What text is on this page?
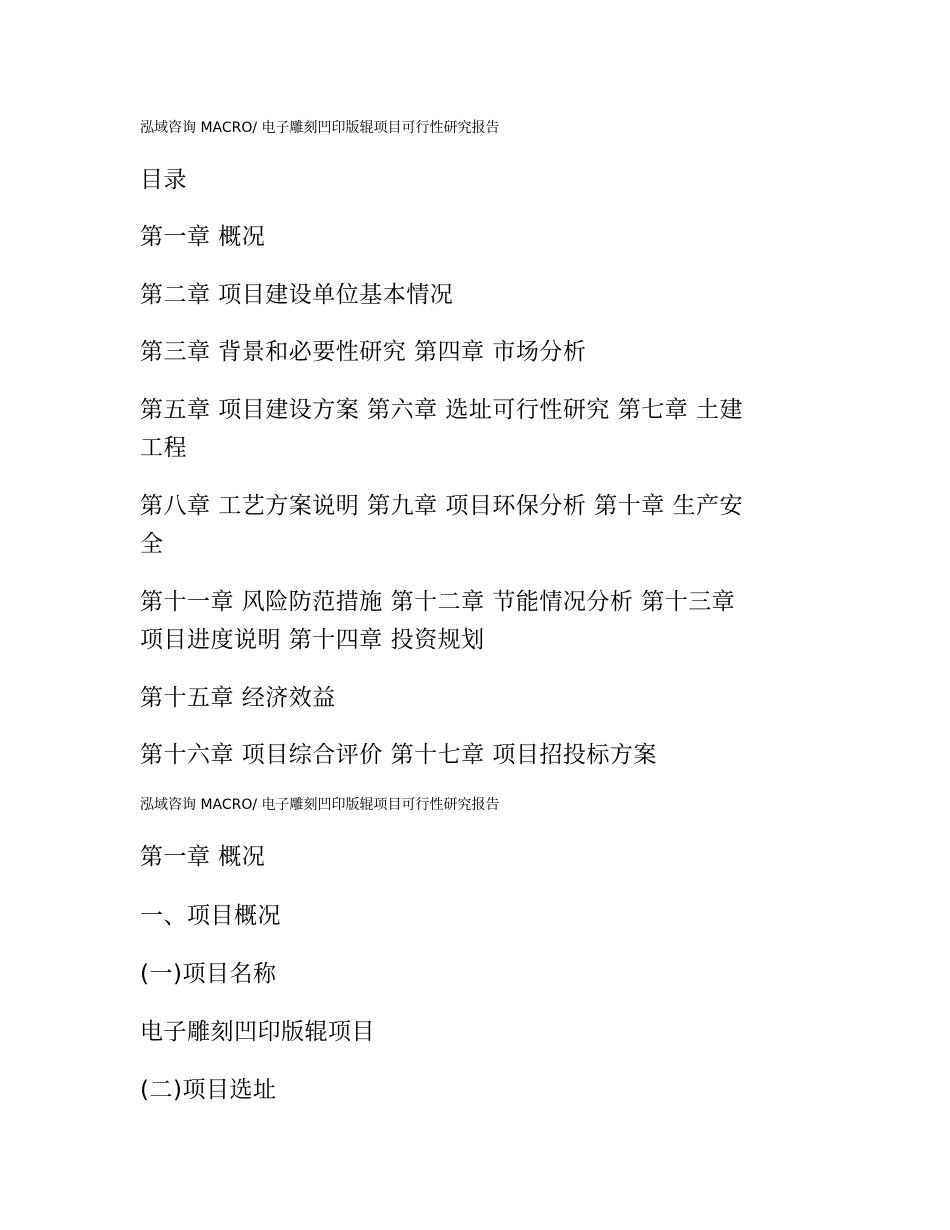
泓域咨询 MACRO/ 电子雕刻凹印版辊项目可行性研究报告
目录
第一章 概况
第二章 项目建设单位基本情况
第三章 背景和必要性研究 第四章 市场分析
第五章 项目建设方案 第六章 选址可行性研究 第七章 土建
工程
第八章 工艺方案说明 第九章 项目环保分析 第十章 生产安
全
第十一章 风险防范措施 第十二章 节能情况分析 第十三章
项目进度说明 第十四章 投资规划
第十五章 经济效益
第十六章 项目综合评价 第十七章 项目招投标方案
泓域咨询 MACRO/ 电子雕刻凹印版辊项目可行性研究报告
第一章 概况
一、项目概况
(一)项目名称
电子雕刻凹印版辊项目
(二)项目选址
